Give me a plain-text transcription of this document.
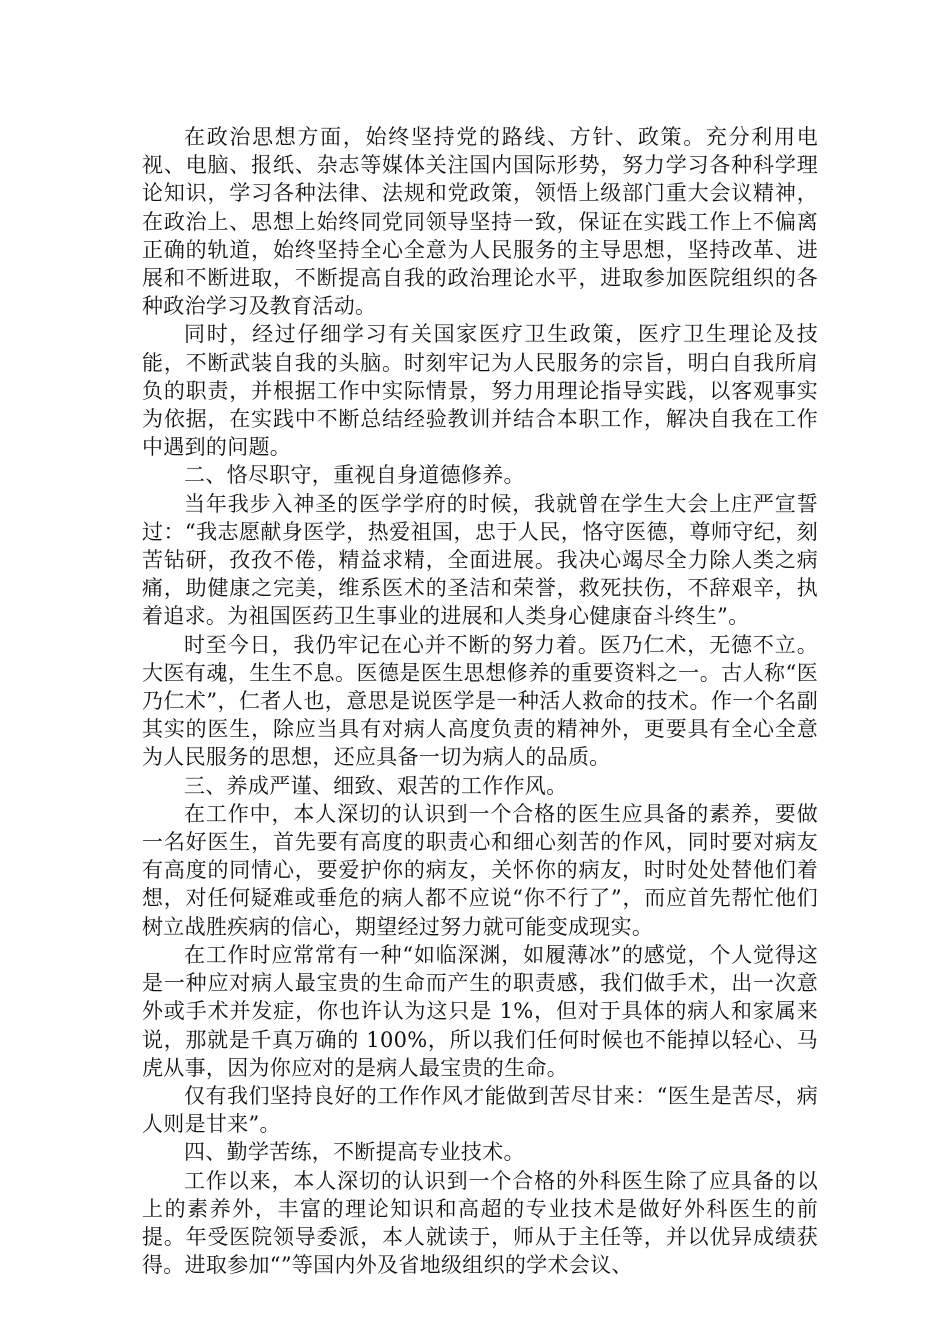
在政治思想方面，始终坚持党的路线、方针、政策。充分利用电视、电脑、报纸、杂志等媒体关注国内国际形势，努力学习各种科学理论知识，学习各种法律、法规和党政策，领悟上级部门重大会议精神，在政治上、思想上始终同党同领导坚持一致，保证在实践工作上不偏离正确的轨道，始终坚持全心全意为人民服务的主导思想，坚持改革、进展和不断进取，不断提高自我的政治理论水平，进取参加医院组织的各种政治学习及教育活动。

同时，经过仔细学习有关国家医疗卫生政策，医疗卫生理论及技能，不断武装自我的头脑。时刻牢记为人民服务的宗旨，明白自我所肩负的职责，并根据工作中实际情景，努力用理论指导实践，以客观事实为依据，在实践中不断总结经验教训并结合本职工作，解决自我在工作中遇到的问题。

二、恪尽职守，重视自身道德修养。

当年我步入神圣的医学学府的时候，我就曾在学生大会上庄严宣誓过：“我志愿献身医学，热爱祖国，忠于人民，恪守医德，尊师守纪，刻苦钻研，孜孜不倦，精益求精，全面进展。我决心竭尽全力除人类之病痛，助健康之完美，维系医术的圣洁和荣誉，救死扶伤，不辞艰辛，执着追求。为祖国医药卫生事业的进展和人类身心健康奋斗终生”。

时至今日，我仍牢记在心并不断的努力着。医乃仁术，无德不立。大医有魂，生生不息。医德是医生思想修养的重要资料之一。古人称“医乃仁术”，仁者人也，意思是说医学是一种活人救命的技术。作一个名副其实的医生，除应当具有对病人高度负责的精神外，更要具有全心全意为人民服务的思想，还应具备一切为病人的品质。

三、养成严谨、细致、艰苦的工作作风。

在工作中，本人深切的认识到一个合格的医生应具备的素养，要做一名好医生，首先要有高度的职责心和细心刻苦的作风，同时要对病友有高度的同情心，要爱护你的病友，关怀你的病友，时时处处替他们着想，对任何疑难或垂危的病人都不应说“你不行了”，而应首先帮忙他们树立战胜疾病的信心，期望经过努力就可能变成现实。

在工作时应常常有一种“如临深渊，如履薄冰”的感觉，个人觉得这是一种应对病人最宝贵的生命而产生的职责感，我们做手术，出一次意外或手术并发症，你也许认为这只是 1%，但对于具体的病人和家属来说，那就是千真万确的 100%，所以我们任何时候也不能掉以轻心、马虎从事，因为你应对的是病人最宝贵的生命。

仅有我们坚持良好的工作作风才能做到苦尽甘来：“医生是苦尽，病人则是甘来”。

四、勤学苦练，不断提高专业技术。

工作以来，本人深切的认识到一个合格的外科医生除了应具备的以上的素养外，丰富的理论知识和高超的专业技术是做好外科医生的前提。年受医院领导委派，本人就读于，师从于主任等，并以优异成绩获得。进取参加“”等国内外及省地级组织的学术会议、
